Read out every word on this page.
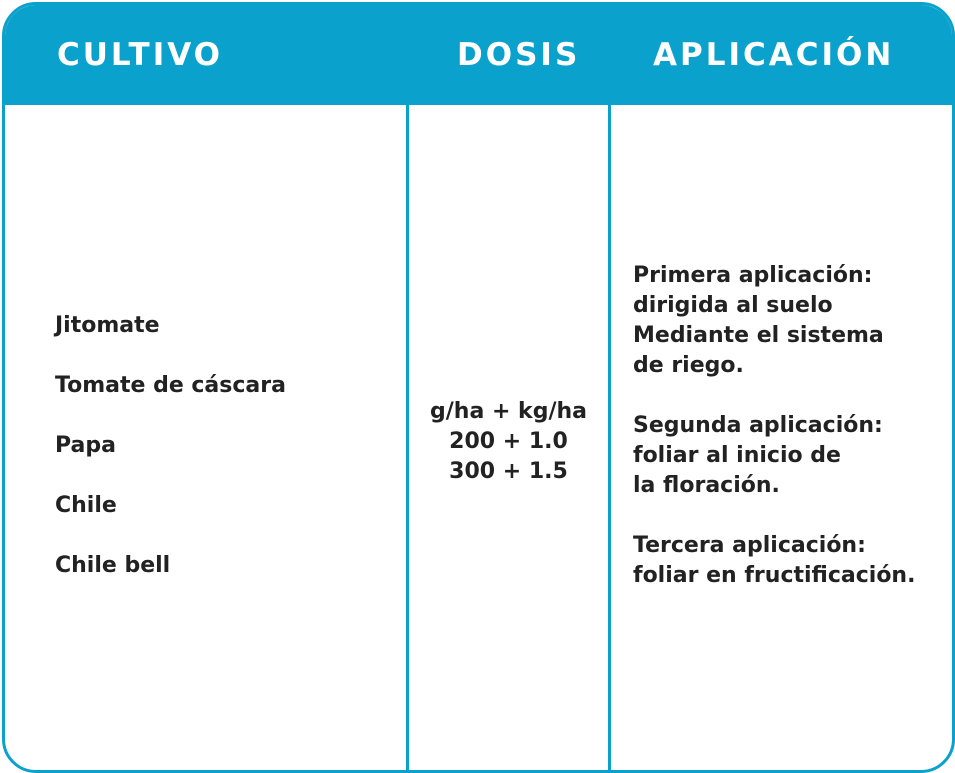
CULTIVO	DOSIS APLICACIÓN

Jitomate

Tomate de cáscara

Papa

Chile

Chile bell

g/ha + kg/ha

200 + 1.0

300 + 1.5

Primera aplicación:

dirigida al suelo

Mediante el sistema

de riego.

Segunda aplicación:

foliar al inicio de

la floración.

Tercera aplicación:

foliar en fructificación.
